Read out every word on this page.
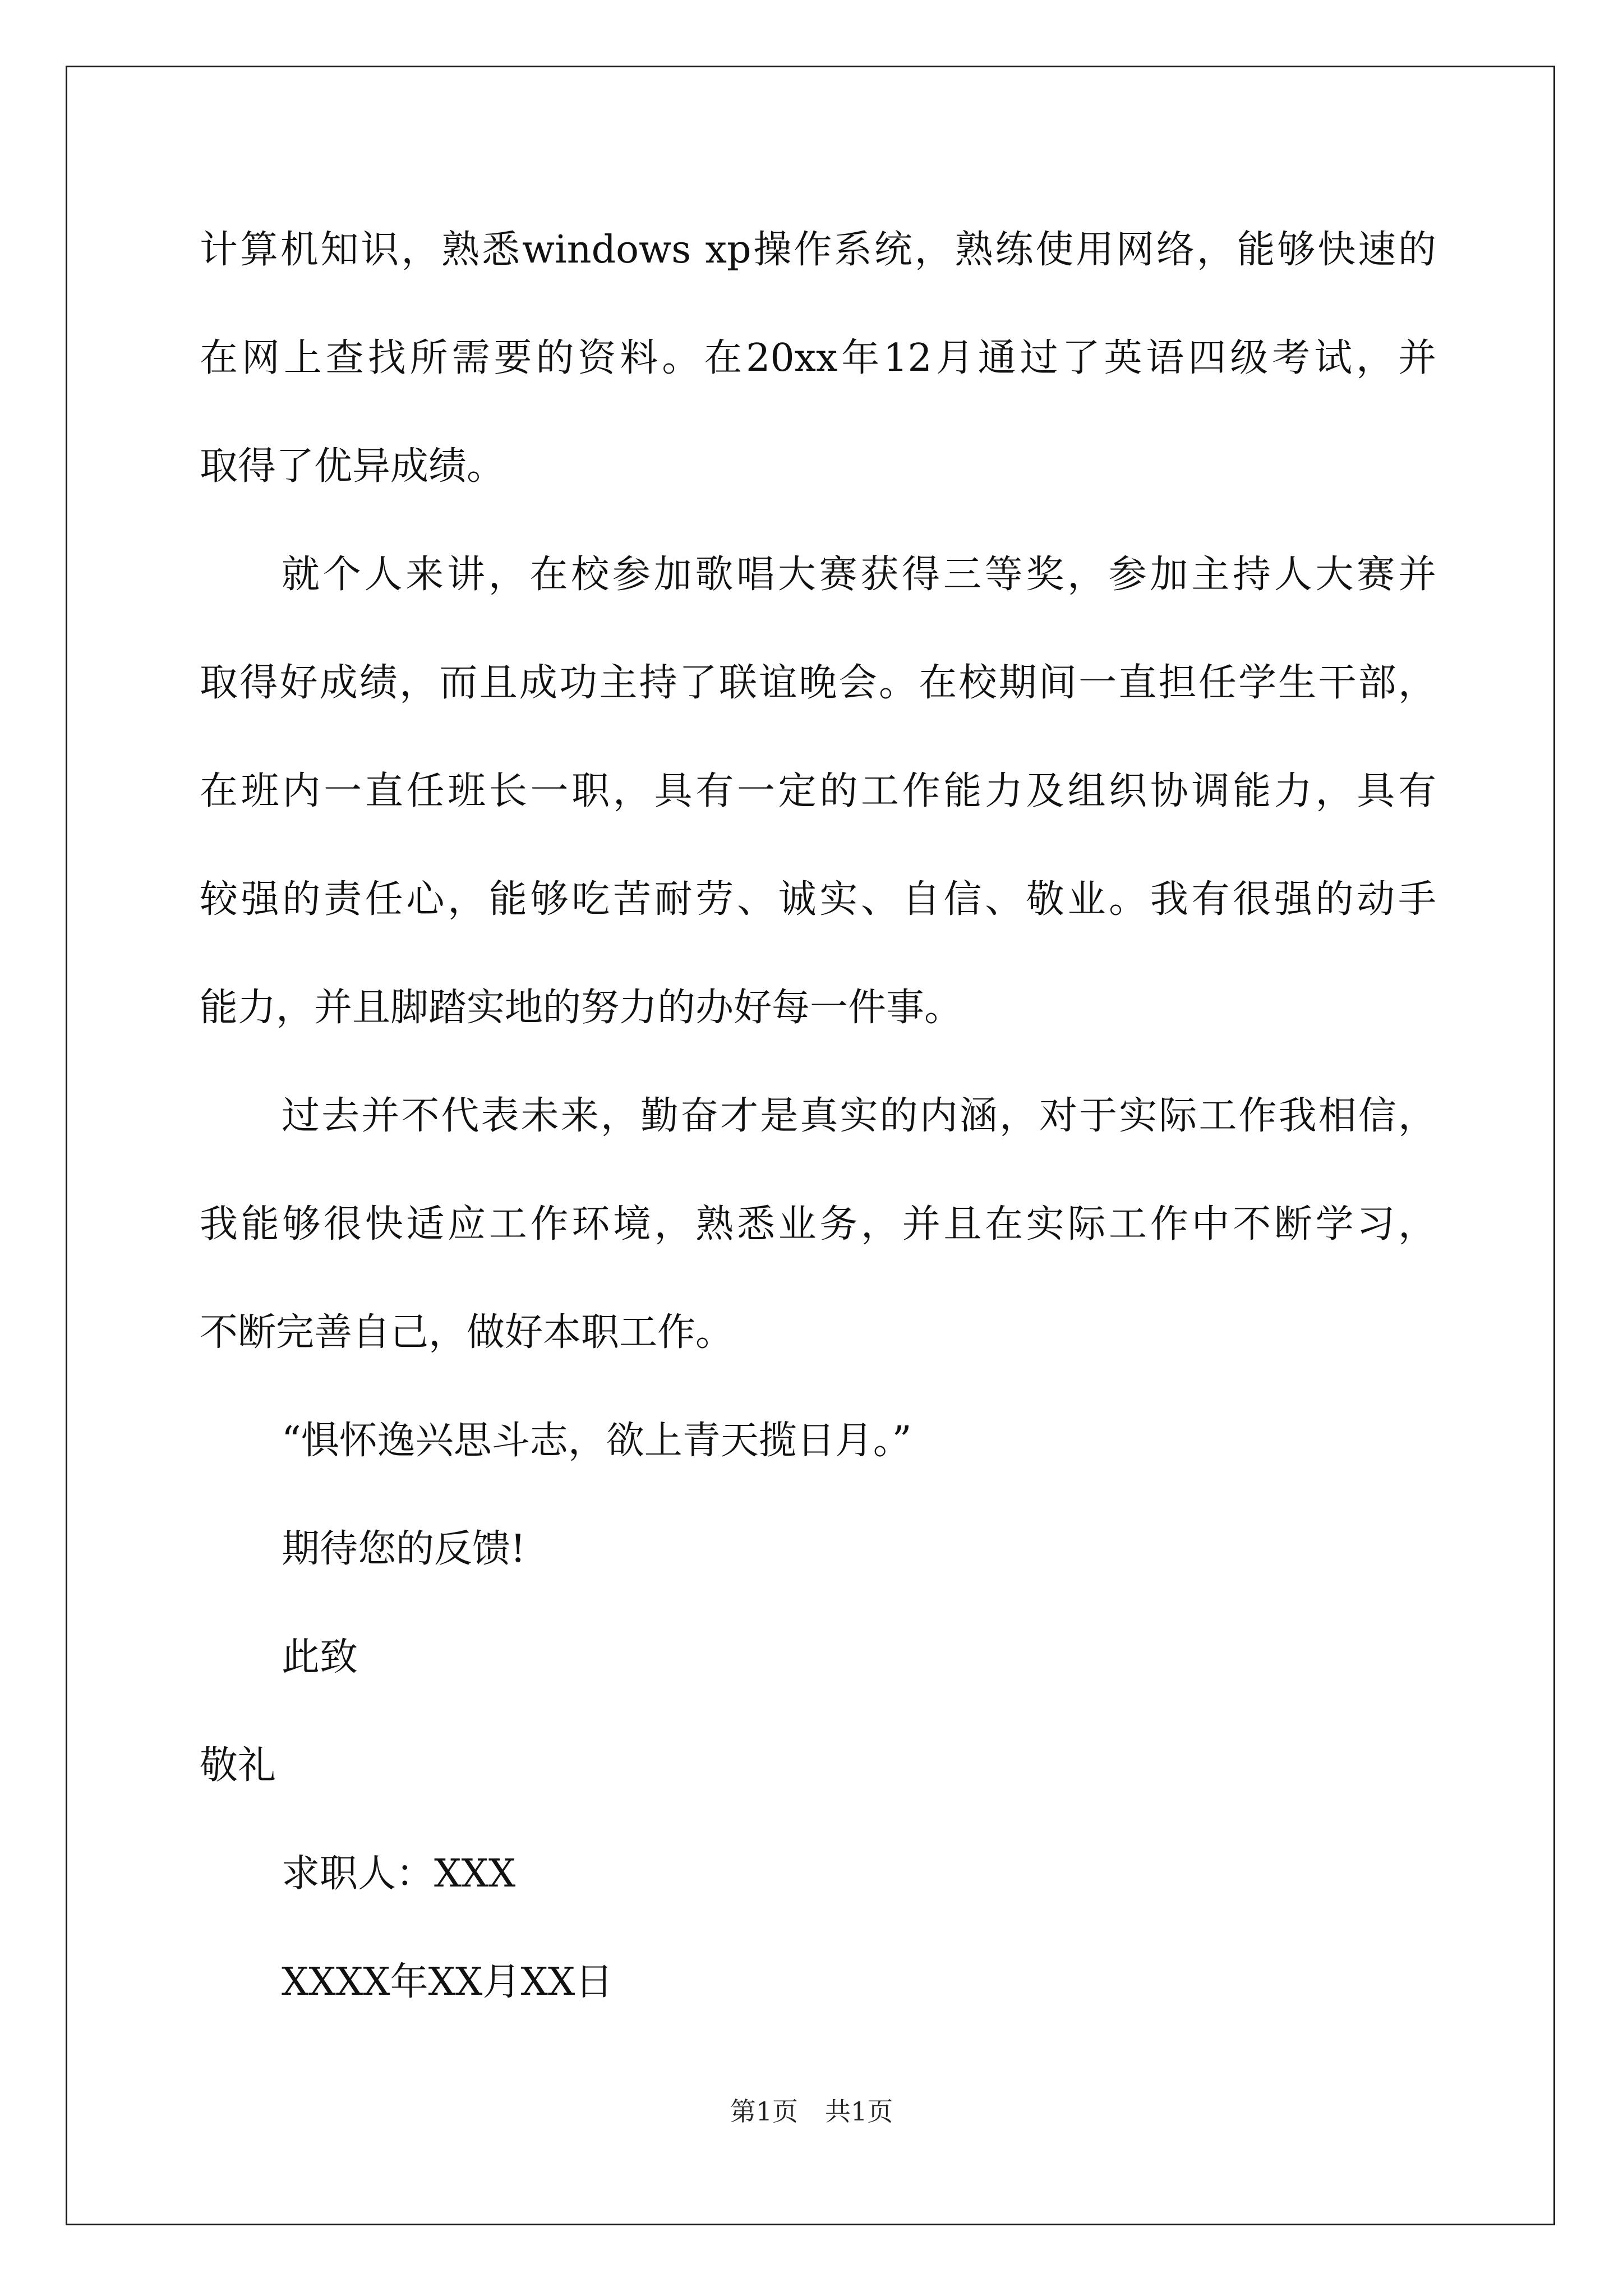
计算机知识，熟悉windows xp操作系统，熟练使用网络，能够快速的
在网上查找所需要的资料。在20xx年12月通过了英语四级考试，并
取得了优异成绩。
就个人来讲，在校参加歌唱大赛获得三等奖，参加主持人大赛并
取得好成绩，而且成功主持了联谊晚会。在校期间一直担任学生干部，
在班内一直任班长一职，具有一定的工作能力及组织协调能力，具有
较强的责任心，能够吃苦耐劳、诚实、自信、敬业。我有很强的动手
能力，并且脚踏实地的努力的办好每一件事。
过去并不代表未来，勤奋才是真实的内涵，对于实际工作我相信，
我能够很快适应工作环境，熟悉业务，并且在实际工作中不断学习，
不断完善自己，做好本职工作。
“惧怀逸兴思斗志，欲上青天揽日月。”
期待您的反馈!
此致
敬礼
求职人：XXX
XXXX年XX月XX日
第1页 共1页
